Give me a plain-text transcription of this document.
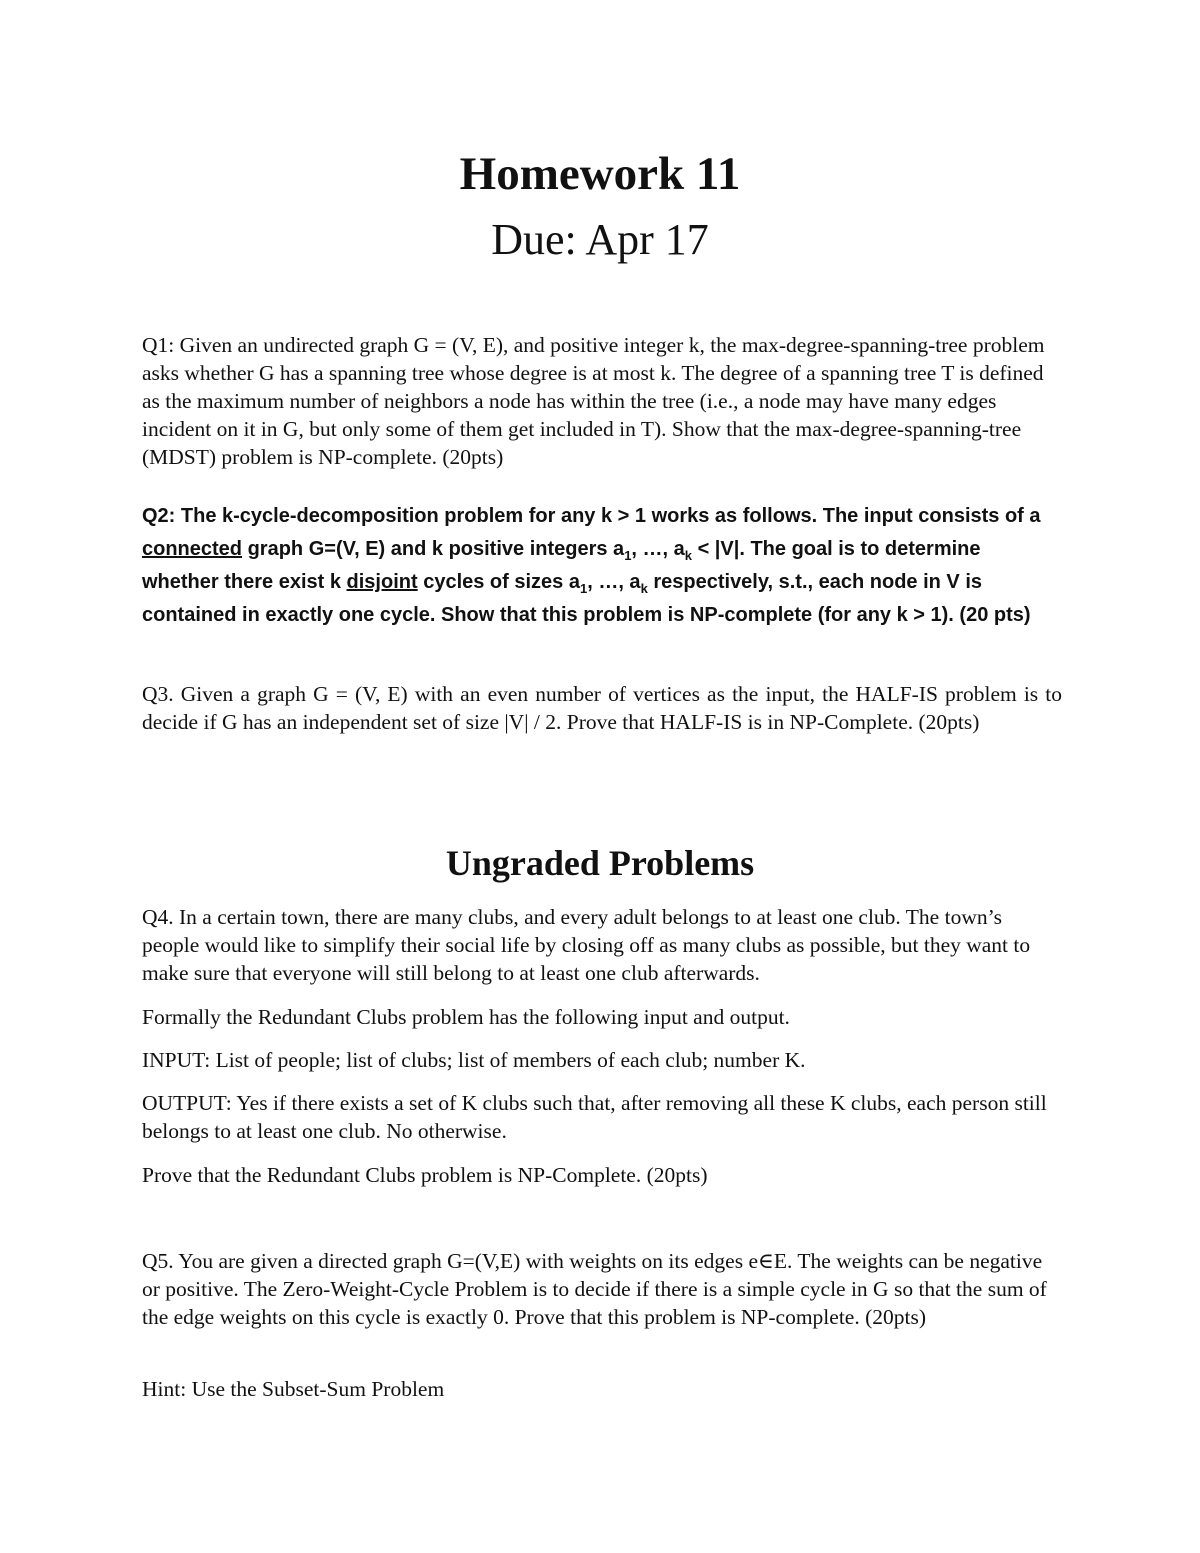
Homework 11
Due: Apr 17

Q1: Given an undirected graph G = (V, E), and positive integer k, the max-degree-spanning-tree problem asks whether G has a spanning tree whose degree is at most k. The degree of a spanning tree T is defined as the maximum number of neighbors a node has within the tree (i.e., a node may have many edges incident on it in G, but only some of them get included in T). Show that the max-degree-spanning-tree (MDST) problem is NP-complete. (20pts)

Q2: The k-cycle-decomposition problem for any k > 1 works as follows. The input consists of a connected graph G=(V, E) and k positive integers $a_1$, …, $a_k < |V|$. The goal is to determine whether there exist k disjoint cycles of sizes $a_1$, …, $a_k$ respectively, s.t., each node in V is contained in exactly one cycle. Show that this problem is NP-complete (for any k > 1). (20 pts)

Q3. Given a graph G = (V, E) with an even number of vertices as the input, the HALF-IS problem is to decide if G has an independent set of size |V| / 2. Prove that HALF-IS is in NP-Complete. (20pts)

Ungraded Problems

Q4. In a certain town, there are many clubs, and every adult belongs to at least one club. The town’s people would like to simplify their social life by closing off as many clubs as possible, but they want to make sure that everyone will still belong to at least one club afterwards.

Formally the Redundant Clubs problem has the following input and output.

INPUT: List of people; list of clubs; list of members of each club; number K.

OUTPUT: Yes if there exists a set of K clubs such that, after removing all these K clubs, each person still belongs to at least one club. No otherwise.

Prove that the Redundant Clubs problem is NP-Complete. (20pts)

Q5. You are given a directed graph G=(V,E) with weights on its edges e∈E. The weights can be negative or positive. The Zero-Weight-Cycle Problem is to decide if there is a simple cycle in G so that the sum of the edge weights on this cycle is exactly 0. Prove that this problem is NP-complete. (20pts)

Hint: Use the Subset-Sum Problem
